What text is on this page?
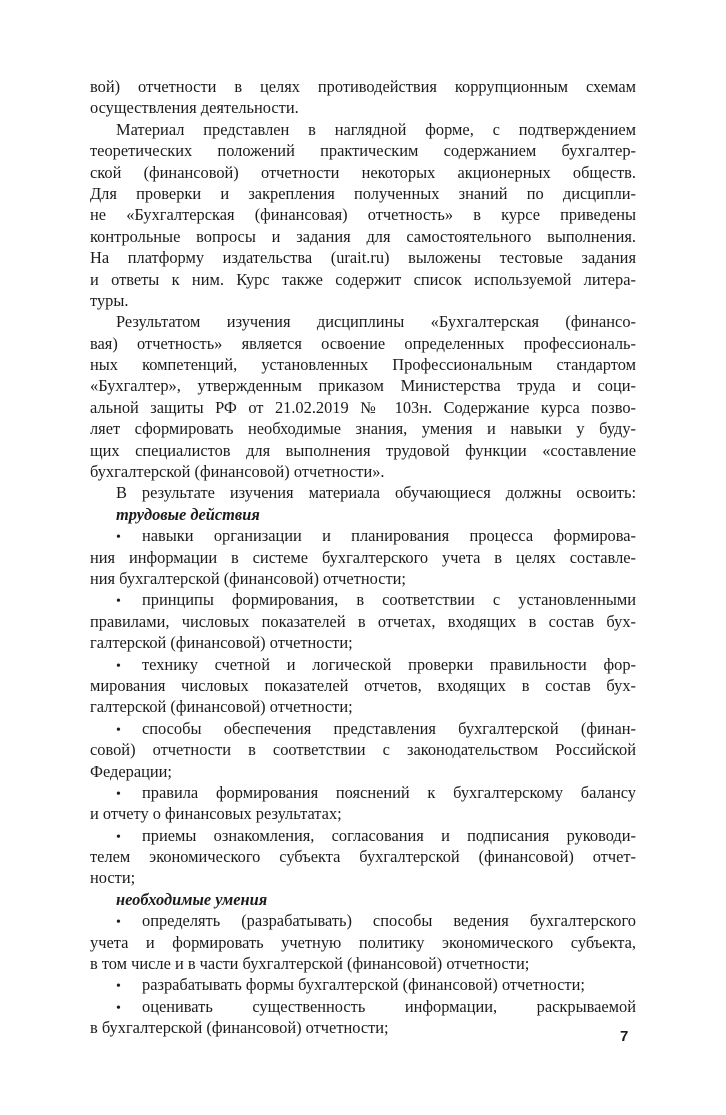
вой) отчетности в целях противодействия коррупционным схемам
осуществления деятельности.
Материал представлен в наглядной форме, с подтверждением
теоретических положений практическим содержанием бухгалтер-
ской (финансовой) отчетности некоторых акционерных обществ.
Для проверки и закрепления полученных знаний по дисципли-
не «Бухгалтерская (финансовая) отчетность» в курсе приведены
контрольные вопросы и задания для самостоятельного выполнения.
На платформу издательства (urait.ru) выложены тестовые задания
и ответы к ним. Курс также содержит список используемой литера-
туры.
Результатом изучения дисциплины «Бухгалтерская (финансо-
вая) отчетность» является освоение определенных профессиональ-
ных компетенций, установленных Профессиональным стандартом
«Бухгалтер», утвержденным приказом Министерства труда и соци-
альной защиты РФ от 21.02.2019 № 103н. Содержание курса позво-
ляет сформировать необходимые знания, умения и навыки у буду-
щих специалистов для выполнения трудовой функции «составление
бухгалтерской (финансовой) отчетности».
В результате изучения материала обучающиеся должны освоить:
трудовые действия
• навыки организации и планирования процесса формирова-
ния информации в системе бухгалтерского учета в целях составле-
ния бухгалтерской (финансовой) отчетности;
• принципы формирования, в соответствии с установленными
правилами, числовых показателей в отчетах, входящих в состав бух-
галтерской (финансовой) отчетности;
• технику счетной и логической проверки правильности фор-
мирования числовых показателей отчетов, входящих в состав бух-
галтерской (финансовой) отчетности;
• способы обеспечения представления бухгалтерской (финан-
совой) отчетности в соответствии с законодательством Российской
Федерации;
• правила формирования пояснений к бухгалтерскому балансу
и отчету о финансовых результатах;
• приемы ознакомления, согласования и подписания руководи-
телем экономического субъекта бухгалтерской (финансовой) отчет-
ности;
необходимые умения
• определять (разрабатывать) способы ведения бухгалтерского
учета и формировать учетную политику экономического субъекта,
в том числе и в части бухгалтерской (финансовой) отчетности;
• разрабатывать формы бухгалтерской (финансовой) отчетности;
• оценивать существенность информации, раскрываемой
в бухгалтерской (финансовой) отчетности;	7
